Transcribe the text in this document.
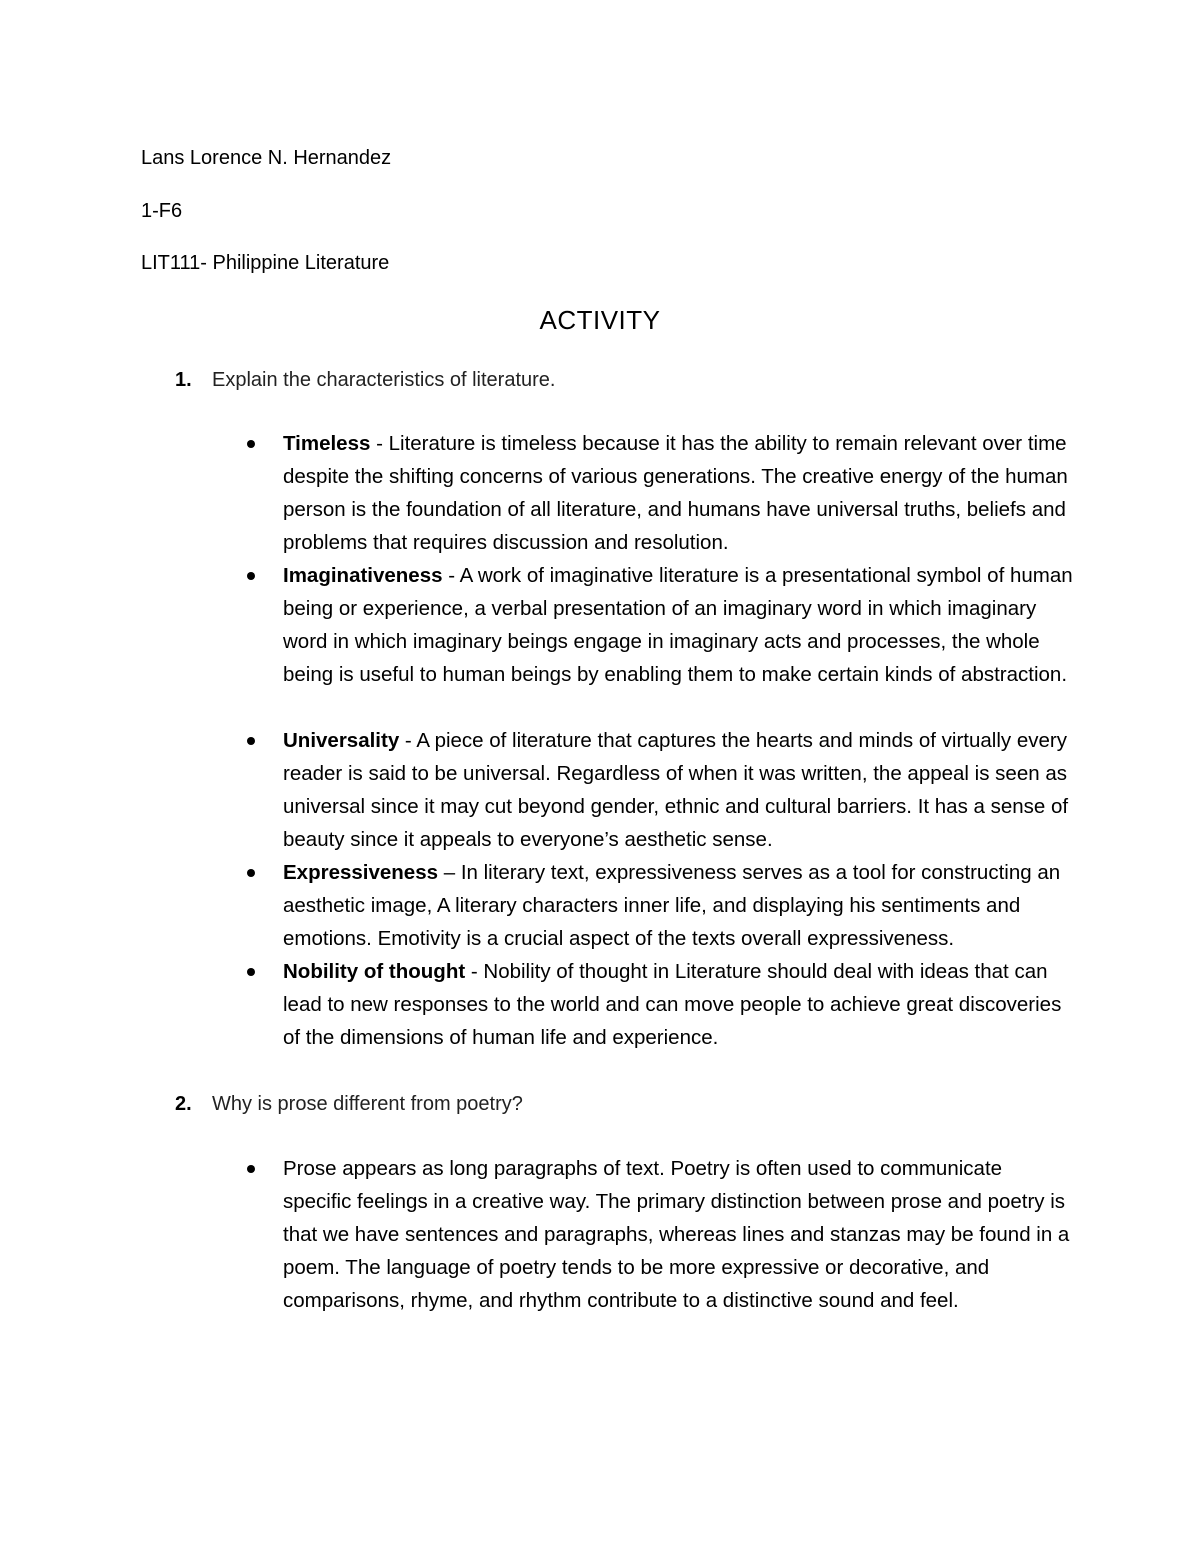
Lans Lorence N. Hernandez
1-F6
LIT111- Philippine Literature
ACTIVITY
1. Explain the characteristics of literature.
Timeless - Literature is timeless because it has the ability to remain relevant over time despite the shifting concerns of various generations. The creative energy of the human person is the foundation of all literature, and humans have universal truths, beliefs and problems that requires discussion and resolution.
Imaginativeness - A work of imaginative literature is a presentational symbol of human being or experience, a verbal presentation of an imaginary word in which imaginary word in which imaginary beings engage in imaginary acts and processes, the whole being is useful to human beings by enabling them to make certain kinds of abstraction.
Universality - A piece of literature that captures the hearts and minds of virtually every reader is said to be universal. Regardless of when it was written, the appeal is seen as universal since it may cut beyond gender, ethnic and cultural barriers. It has a sense of beauty since it appeals to everyone’s aesthetic sense.
Expressiveness – In literary text, expressiveness serves as a tool for constructing an aesthetic image, A literary characters inner life, and displaying his sentiments and emotions. Emotivity is a crucial aspect of the texts overall expressiveness.
Nobility of thought - Nobility of thought in Literature should deal with ideas that can lead to new responses to the world and can move people to achieve great discoveries of the dimensions of human life and experience.
2. Why is prose different from poetry?
Prose appears as long paragraphs of text. Poetry is often used to communicate specific feelings in a creative way. The primary distinction between prose and poetry is that we have sentences and paragraphs, whereas lines and stanzas may be found in a poem. The language of poetry tends to be more expressive or decorative, and comparisons, rhyme, and rhythm contribute to a distinctive sound and feel.
